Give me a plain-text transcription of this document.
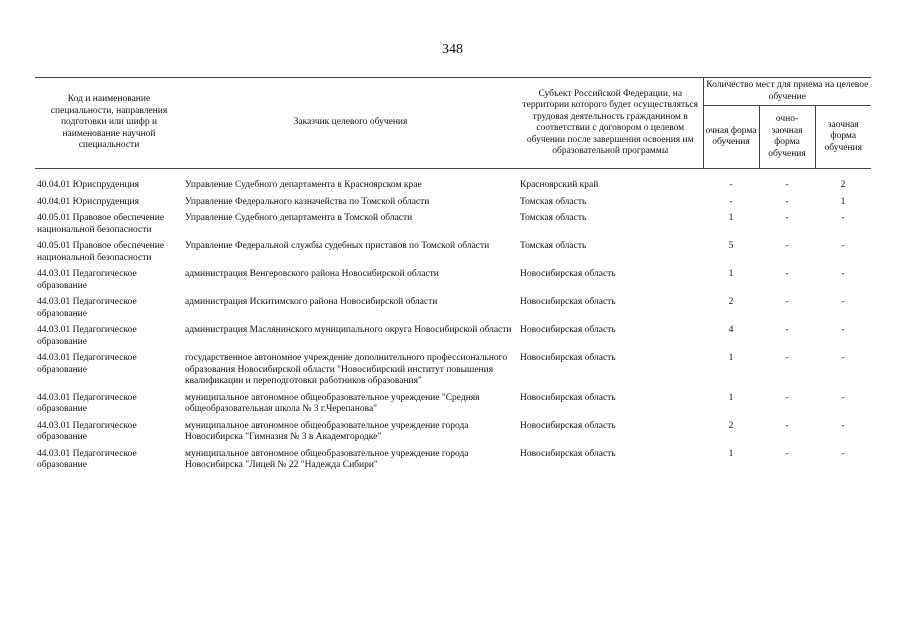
348
Код и наименование специальности, направления подготовки или шифр и наименование научной специальности	Заказчик целевого обучения	Субъект Российской Федерации, на территории которого будет осуществляться трудовая деятельность гражданином в соответствии с договором о целевом обучении после завершения освоения им образовательной программы	Количество мест для приема на целевое обучение		
			очная форма обучения	очно-заочная форма обучения	заочная форма обучения

40.04.01 Юриспруденция	Управление Судебного департамента в Красноярском крае	Красноярский край	-	-	2
40.04.01 Юриспруденция	Управление Федерального казначейства по Томской области	Томская область	-	-	1
40.05.01 Правовое обеспечение национальной безопасности	Управление Судебного департамента в Томской области	Томская область	1	-	-
40.05.01 Правовое обеспечение национальной безопасности	Управление Федеральной службы судебных приставов по Томской области	Томская область	5	-	-
44.03.01 Педагогическое образование	администрация Венгеровского района Новосибирской области	Новосибирская область	1	-	-
44.03.01 Педагогическое образование	администрация Искитимского района Новосибирской области	Новосибирская область	2	-	-
44.03.01 Педагогическое образование	администрация Маслянинского муниципального округа Новосибирской области	Новосибирская область	4	-	-
44.03.01 Педагогическое образование	государственное автономное учреждение дополнительного профессионального образования Новосибирской области "Новосибирский институт повышения квалификации и переподготовки работников образования"	Новосибирская область	1	-	-
44.03.01 Педагогическое образование	муниципальное автономное общеобразовательное учреждение "Средняя общеобразовательная школа № 3 г.Черепанова"	Новосибирская область	1	-	-
44.03.01 Педагогическое образование	муниципальное автономное общеобразовательное учреждение города Новосибирска "Гимназия № 3 в Академгородке"	Новосибирская область	2	-	-
44.03.01 Педагогическое образование	муниципальное автономное общеобразовательное учреждение города Новосибирска "Лицей № 22 "Надежда Сибири"	Новосибирская область	1	-	-
